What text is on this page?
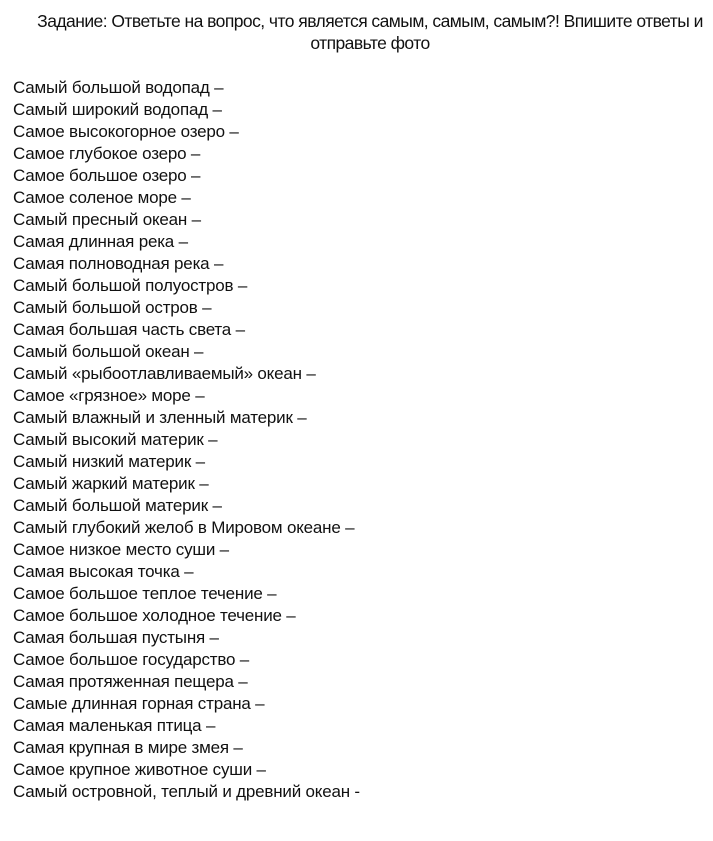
Задание: Ответьте на вопрос, что является самым, самым, самым?! Впишите ответы и отправьте фото
Самый большой водопад –
Самый широкий водопад –
Самое высокогорное озеро –
Самое глубокое озеро –
Самое большое озеро –
Самое соленое море –
Самый пресный океан –
Самая длинная река –
Самая полноводная река –
Самый большой полуостров –
Самый большой остров –
Самая большая часть света –
Самый большой океан –
Самый «рыбоотлавливаемый» океан –
Самое «грязное» море –
Самый влажный и зленный материк –
Самый высокий материк –
Самый низкий материк –
Самый жаркий материк –
Самый большой материк –
Самый глубокий желоб в Мировом океане –
Самое низкое место суши –
Самая высокая точка –
Самое большое теплое течение –
Самое большое холодное течение –
Самая большая пустыня –
Самое большое государство –
Самая протяженная пещера –
Самые длинная горная страна –
Самая маленькая птица –
Самая крупная в мире змея –
Самое крупное животное суши –
Самый островной, теплый и древний океан -
